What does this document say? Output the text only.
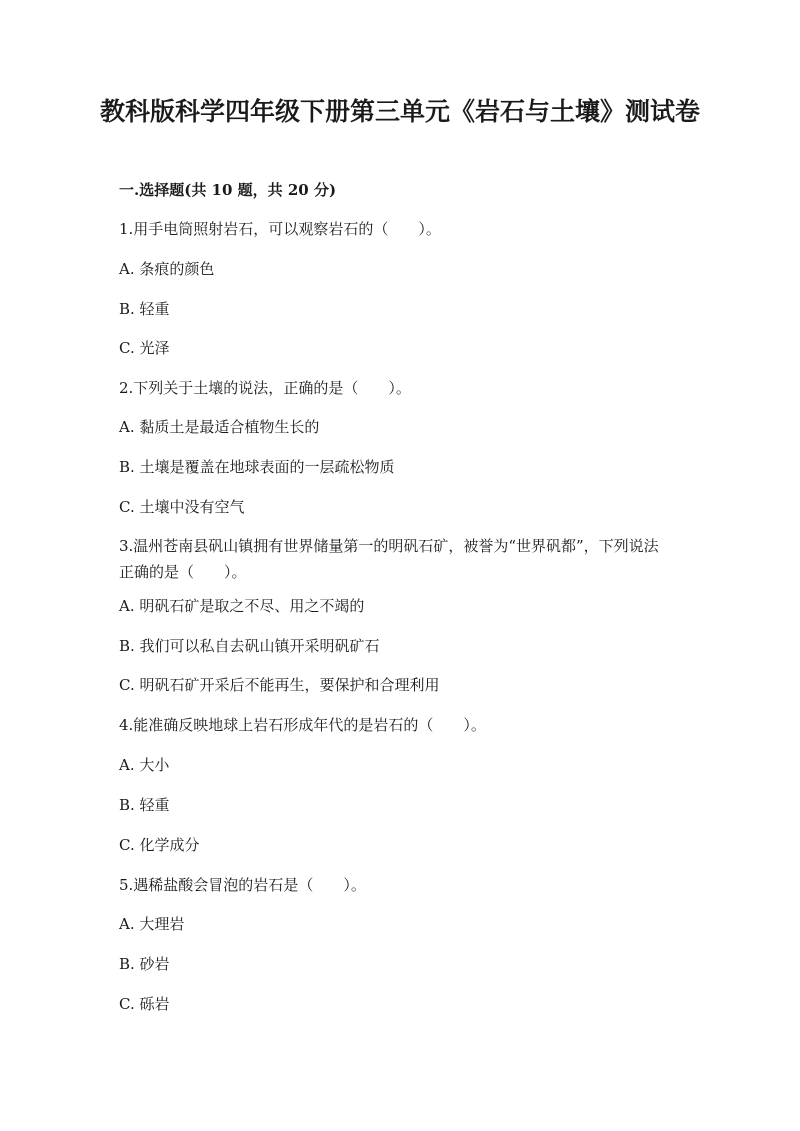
教科版科学四年级下册第三单元《岩石与土壤》测试卷

一.选择题(共 10 题，共 20 分)

1.用手电筒照射岩石，可以观察岩石的（　　）。

A. 条痕的颜色

B. 轻重

C. 光泽

2.下列关于土壤的说法，正确的是（　　）。

A. 黏质土是最适合植物生长的

B. 土壤是覆盖在地球表面的一层疏松物质

C. 土壤中没有空气

3.温州苍南县矾山镇拥有世界储量第一的明矾石矿，被誉为“世界矾都”，下列说法正确的是（　　）。

A. 明矾石矿是取之不尽、用之不竭的

B. 我们可以私自去矾山镇开采明矾矿石

C. 明矾石矿开采后不能再生，要保护和合理利用

4.能准确反映地球上岩石形成年代的是岩石的（　　）。

A. 大小

B. 轻重

C. 化学成分

5.遇稀盐酸会冒泡的岩石是（　　）。

A. 大理岩

B. 砂岩

C. 砾岩
